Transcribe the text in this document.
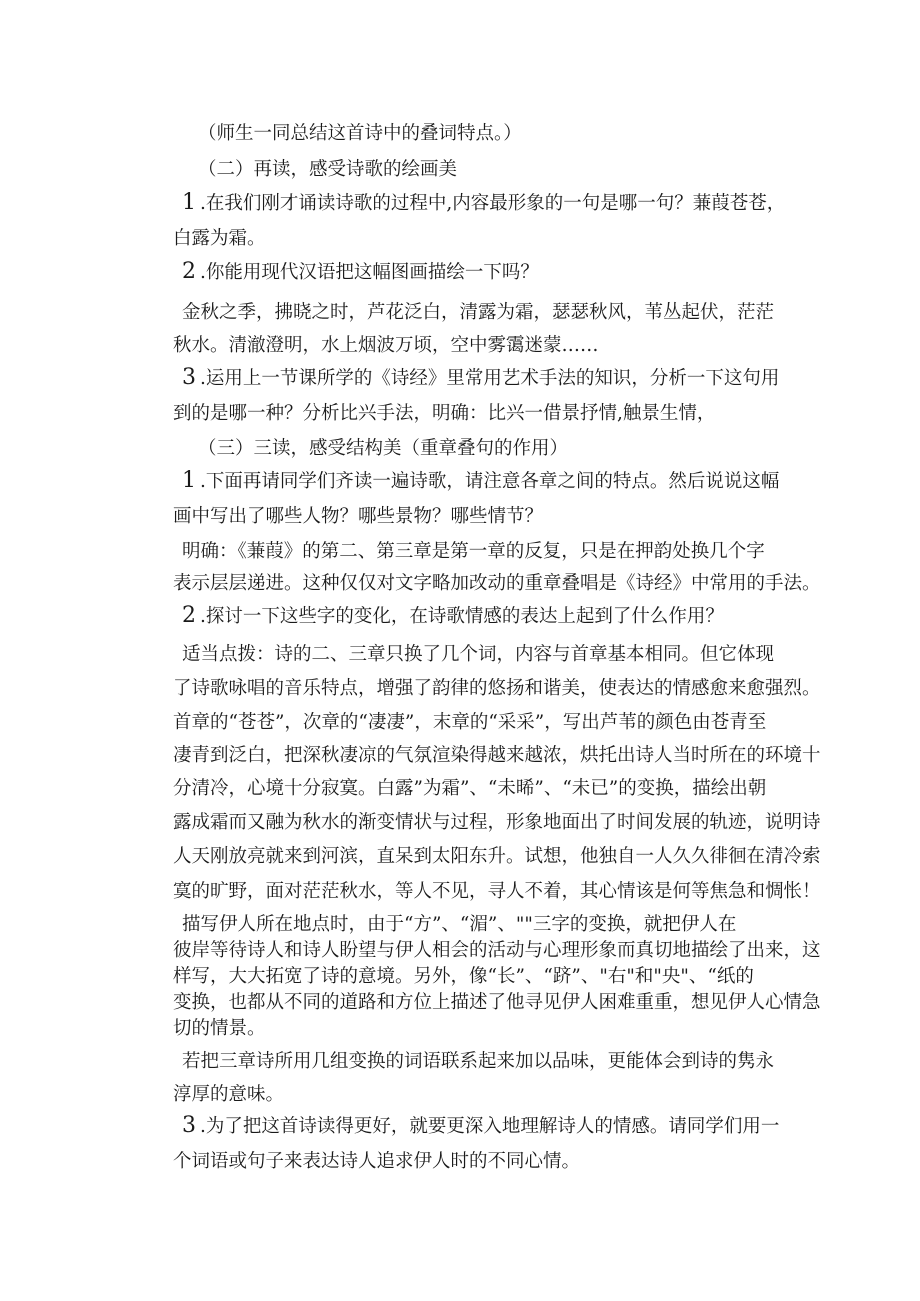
（师生一同总结这首诗中的叠词特点。）
（二）再读，感受诗歌的绘画美
1 .在我们刚才诵读诗歌的过程中,内容最形象的一句是哪一句？蒹葭苍苍，
白露为霜。
2 .你能用现代汉语把这幅图画描绘一下吗？
金秋之季，拂晓之时，芦花泛白，清露为霜，瑟瑟秋风，苇丛起伏，茫茫
秋水。清澈澄明，水上烟波万顷，空中雾霭迷蒙……
3 .运用上一节课所学的《诗经》里常用艺术手法的知识，分析一下这句用
到的是哪一种？分析比兴手法，明确：比兴一借景抒情,触景生情，
（三）三读，感受结构美（重章叠句的作用）
1 .下面再请同学们齐读一遍诗歌，请注意各章之间的特点。然后说说这幅
画中写出了哪些人物？哪些景物？哪些情节？
明确：《蒹葭》的第二、第三章是第一章的反复，只是在押韵处换几个字
表示层层递进。这种仅仅对文字略加改动的重章叠唱是《诗经》中常用的手法。
2 .探讨一下这些字的变化，在诗歌情感的表达上起到了什么作用？
适当点拨：诗的二、三章只换了几个词，内容与首章基本相同。但它体现
了诗歌咏唱的音乐特点，增强了韵律的悠扬和谐美，使表达的情感愈来愈强烈。
首章的“苍苍”，次章的“凄凄”，末章的“采采”，写出芦苇的颜色由苍青至
凄青到泛白，把深秋凄凉的气氛渲染得越来越浓，烘托出诗人当时所在的环境十
分清冷，心境十分寂寞。白露”为霜”、“未晞”、“未已”的变换，描绘出朝
露成霜而又融为秋水的渐变情状与过程，形象地面出了时间发展的轨迹，说明诗
人天刚放亮就来到河滨，直呆到太阳东升。试想，他独自一人久久徘徊在清冷索
寞的旷野，面对茫茫秋水，等人不见，寻人不着，其心情该是何等焦急和惆怅！
描写伊人所在地点时，由于“方”、“湄”、""三字的变换，就把伊人在
彼岸等待诗人和诗人盼望与伊人相会的活动与心理形象而真切地描绘了出来，这
样写，大大拓宽了诗的意境。另外，像“长”、“跻”、"右"和"央"、“纸的
变换，也都从不同的道路和方位上描述了他寻见伊人困难重重，想见伊人心情急
切的情景。
若把三章诗所用几组变换的词语联系起来加以品味，更能体会到诗的隽永
淳厚的意味。
3 .为了把这首诗读得更好，就要更深入地理解诗人的情感。请同学们用一
个词语或句子来表达诗人追求伊人时的不同心情。
